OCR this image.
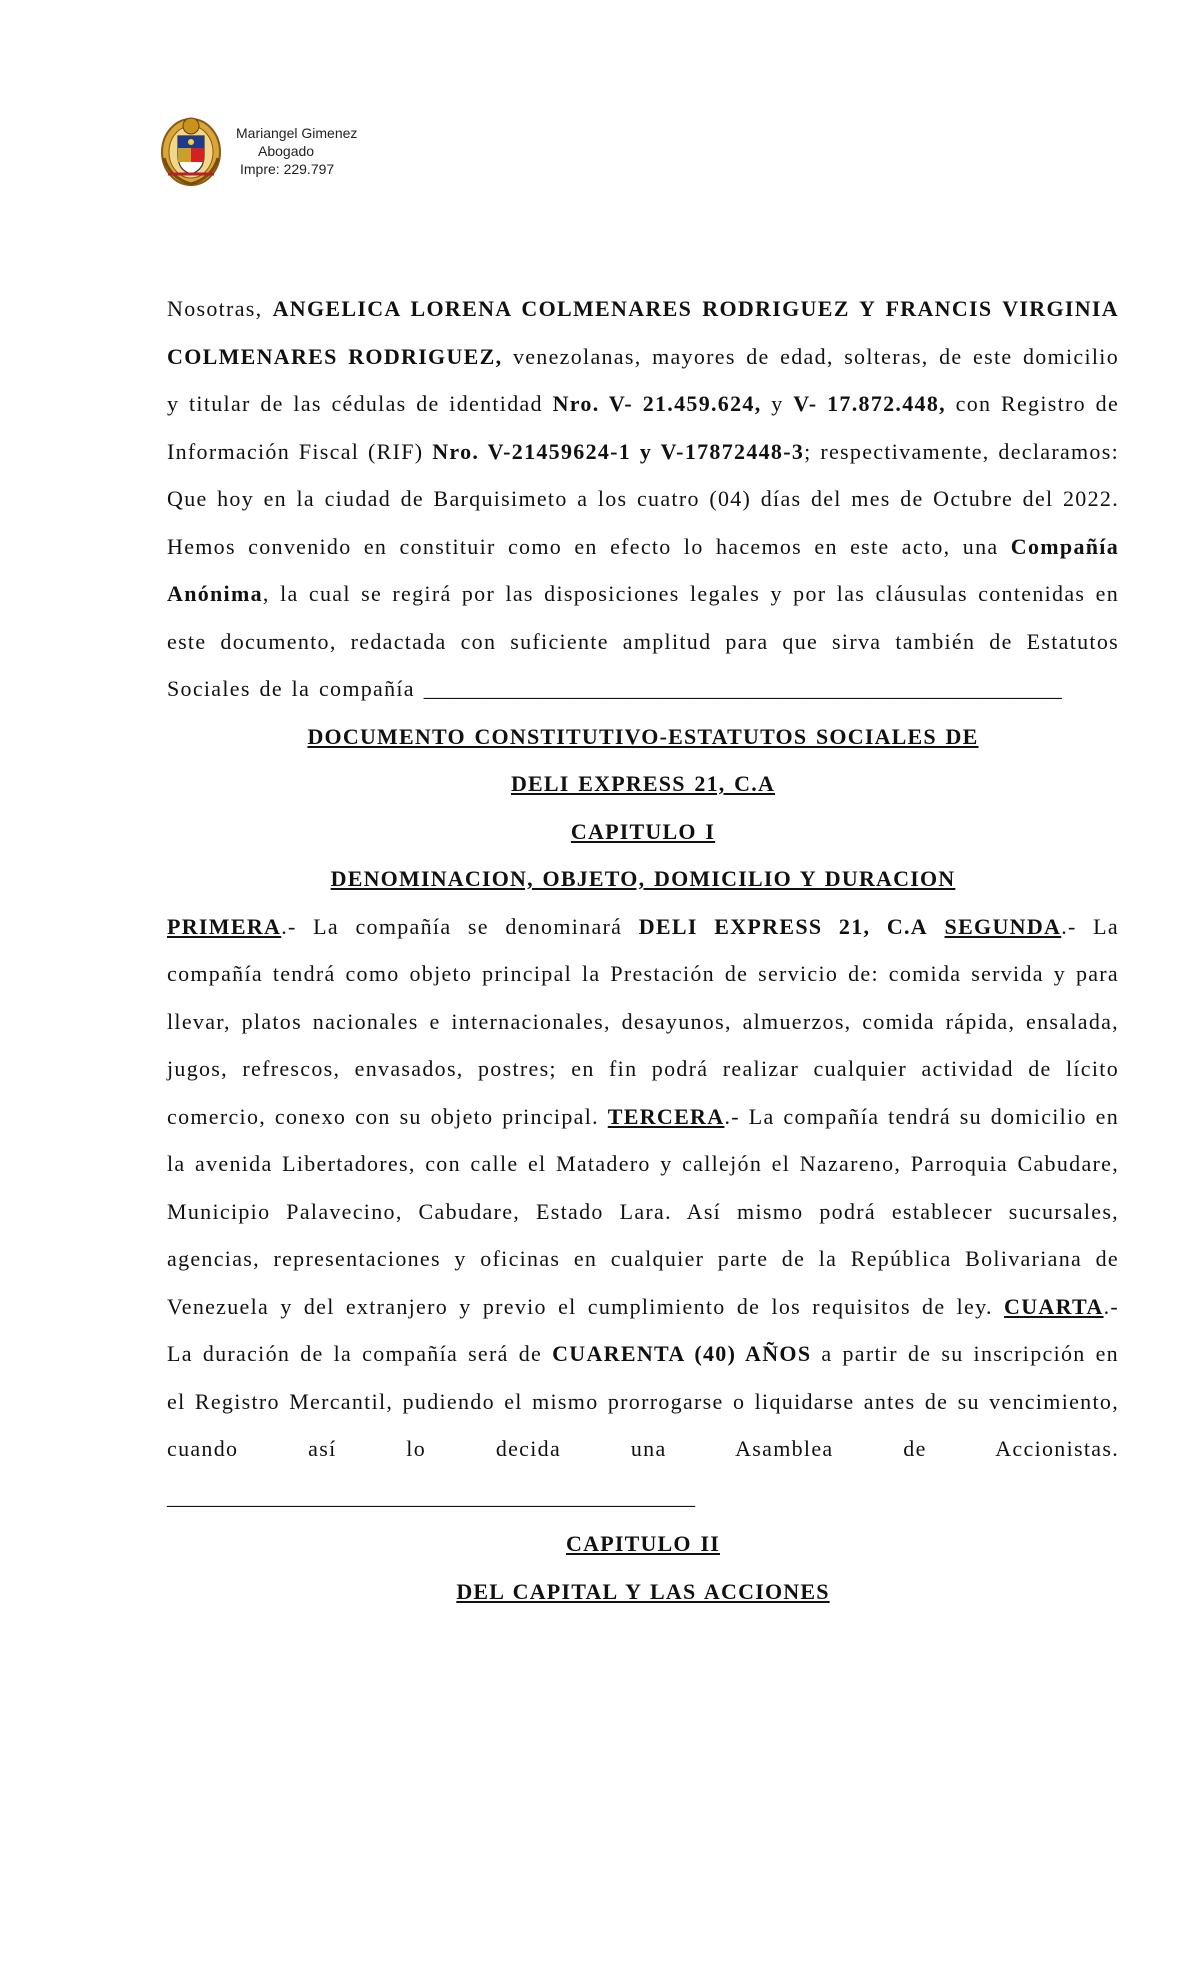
Mariangel Gimenez
Abogado
Impre: 229.797

Nosotras, ANGELICA LORENA COLMENARES RODRIGUEZ Y FRANCIS VIRGINIA COLMENARES RODRIGUEZ, venezolanas, mayores de edad, solteras, de este domicilio y titular de las cédulas de identidad Nro. V- 21.459.624, y V- 17.872.448, con Registro de Información Fiscal (RIF) Nro. V-21459624-1 y V-17872448-3; respectivamente, declaramos: Que hoy en la ciudad de Barquisimeto a los cuatro (04) días del mes de Octubre del 2022. Hemos convenido en constituir como en efecto lo hacemos en este acto, una Compañía Anónima, la cual se regirá por las disposiciones legales y por las cláusulas contenidas en este documento, redactada con suficiente amplitud para que sirva también de Estatutos Sociales de la compañía __________________________________________________________

DOCUMENTO CONSTITUTIVO-ESTATUTOS SOCIALES DE

DELI EXPRESS 21, C.A

CAPITULO I

DENOMINACION, OBJETO, DOMICILIO Y DURACION

PRIMERA.- La compañía se denominará DELI EXPRESS 21, C.A SEGUNDA.- La compañía tendrá como objeto principal la Prestación de servicio de: comida servida y para llevar, platos nacionales e internacionales, desayunos, almuerzos, comida rápida, ensalada, jugos, refrescos, envasados, postres; en fin podrá realizar cualquier actividad de lícito comercio, conexo con su objeto principal. TERCERA.- La compañía tendrá su domicilio en la avenida Libertadores, con calle el Matadero y callejón el Nazareno, Parroquia Cabudare, Municipio Palavecino, Cabudare, Estado Lara. Así mismo podrá establecer sucursales, agencias, representaciones y oficinas en cualquier parte de la República Bolivariana de Venezuela y del extranjero y previo el cumplimiento de los requisitos de ley. CUARTA.- La duración de la compañía será de CUARENTA (40) AÑOS a partir de su inscripción en el Registro Mercantil, pudiendo el mismo prorrogarse o liquidarse antes de su vencimiento, cuando así lo decida una Asamblea de Accionistas. ________________________________________________

CAPITULO II

DEL CAPITAL Y LAS ACCIONES
